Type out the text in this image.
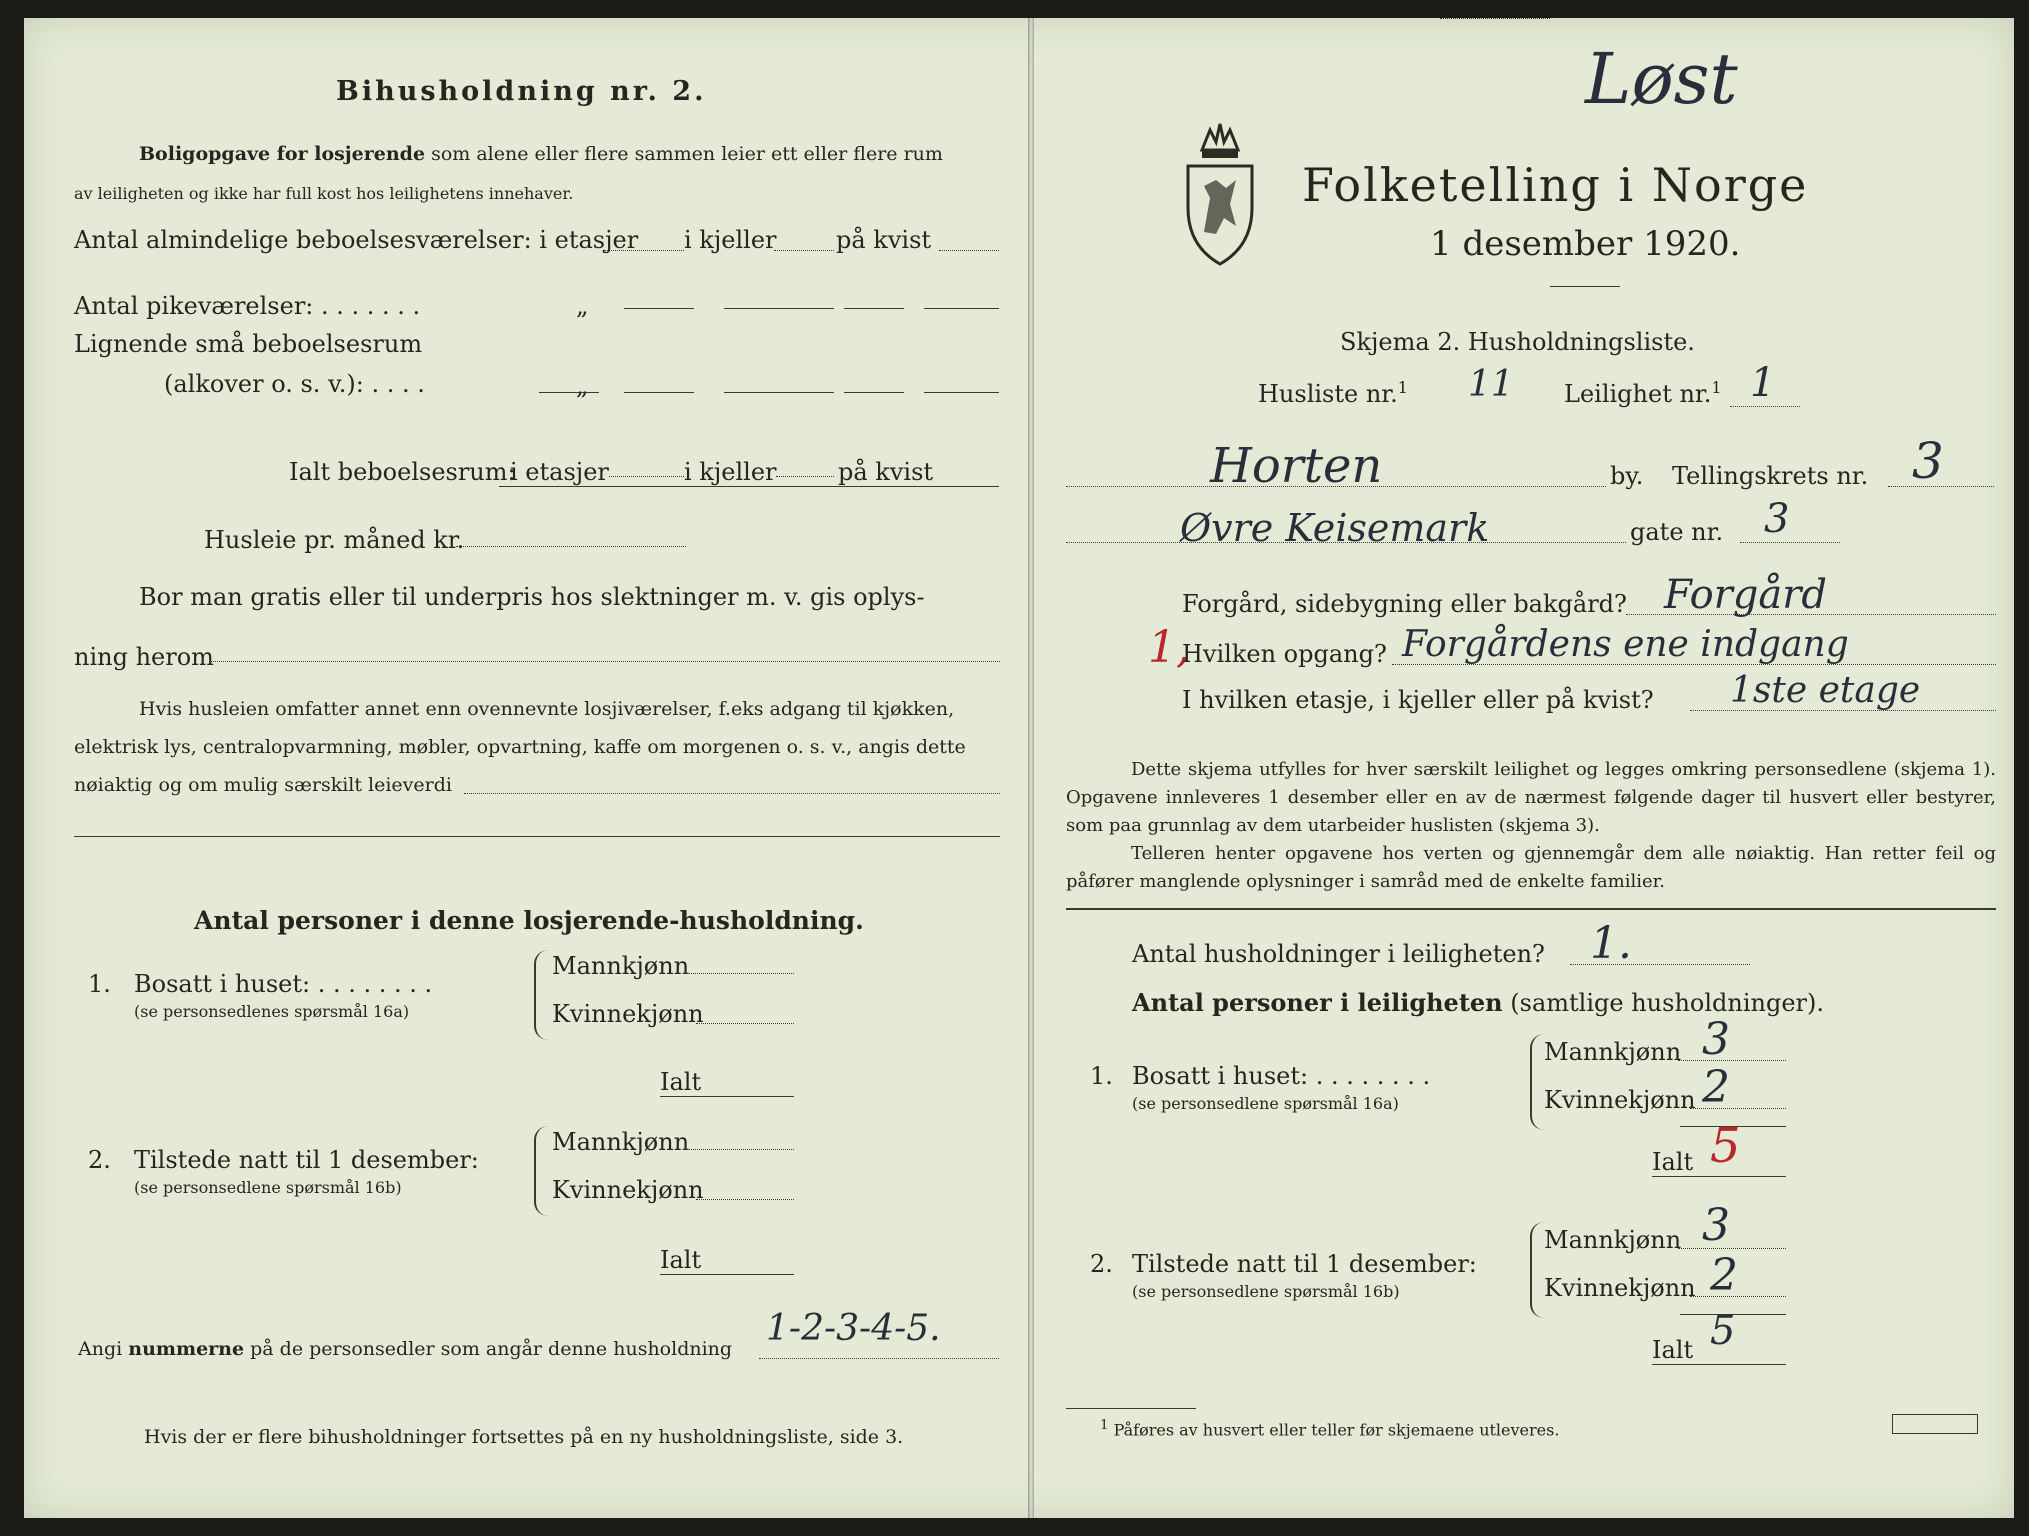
Bihusholdning nr. 2.
Boligopgave for losjerende som alene eller flere sammen leier ett eller flere rum
av leiligheten og ikke har full kost hos leilighetens innehaver.
Antal almindelige beboelsesværelser: i etasjer i kjeller på kvist
Antal pikeværelser: . . . . . . .	„
Lignende små beboelsesrum
(alkover o. s. v.): . . . .	„
Ialt beboelsesrum:
i etasjer	i kjeller	på kvist
Husleie pr. måned kr.
Bor man gratis eller til underpris hos slektninger m. v. gis oplys-
ning herom
Hvis husleien omfatter annet enn ovennevnte losjiværelser, f.eks adgang til kjøkken,
elektrisk lys, centralopvarmning, møbler, opvartning, kaffe om morgenen o. s. v., angis dette
nøiaktig og om mulig særskilt leieverdi
Antal personer i denne losjerende-husholdning.
1. Bosatt i huset: . . . . . . . .
(se personsedlenes spørsmål 16a)
Mannkjønn
Kvinnekjønn
Ialt
2. Tilstede natt til 1 desember:
(se personsedlene spørsmål 16b)
Mannkjønn
Kvinnekjønn
Ialt
Angi nummerne på de personsedler som angår denne husholdning 1-2-3-4-5.
Hvis der er flere bihusholdninger fortsettes på en ny husholdningsliste, side 3.
Løst
Folketelling i Norge
1 desember 1920.
Skjema 2. Husholdningsliste.
Husliste nr.$^1$ 11 Leilighet nr.$^1$ 1
Horten	by. Tellingskrets nr. 3
Øvre Keisemark	gate nr. 3
Forgård, sidebygning eller bakgård? Forgård
1,
Hvilken opgang? Forgårdens ene indgang
I hvilken etasje, i kjeller eller på kvist? 1ste etage
Dette skjema utfylles for hver særskilt leilighet og legges omkring personsedlene (skjema 1). Opgavene innleveres 1 desember eller en av de nærmest følgende dager til husvert eller bestyrer, som paa grunnlag av dem utarbeider huslisten (skjema 3).
Telleren henter opgavene hos verten og gjennemgår dem alle nøiaktig. Han retter feil og påfører manglende oplysninger i samråd med de enkelte familier.
Antal husholdninger i leiligheten? 1.
Antal personer i leiligheten (samtlige husholdninger).
1. Bosatt i huset: . . . . . . . .
(se personsedlene spørsmål 16a)
Mannkjønn 3
Kvinnekjønn 2
Ialt 5
2. Tilstede natt til 1 desember:
(se personsedlene spørsmål 16b)
Mannkjønn 3
Kvinnekjønn 2
Ialt 5
$^1$ Påføres av husvert eller teller før skjemaene utleveres.
